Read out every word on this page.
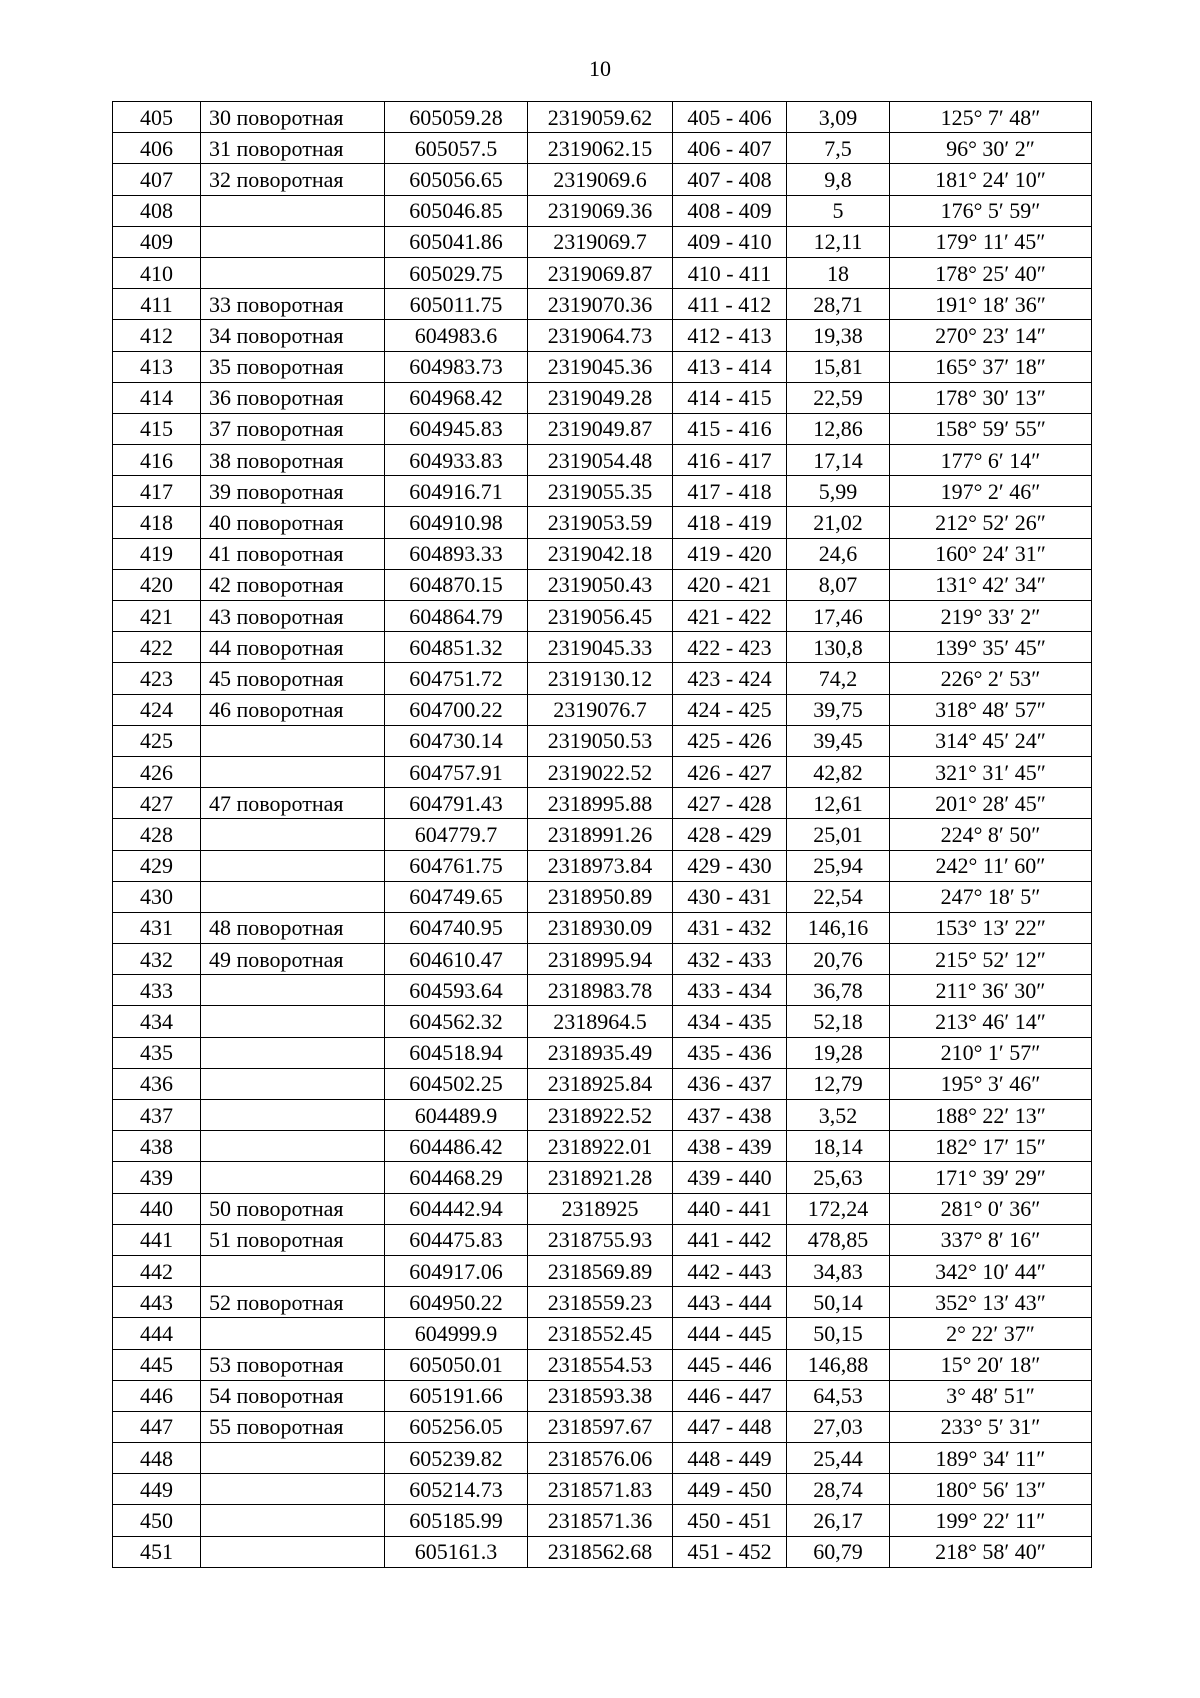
10
405	30 поворотная	605059.28	2319059.62	405 - 406	3,09	125° 7′ 48″
406	31 поворотная	605057.5	2319062.15	406 - 407	7,5	96° 30′ 2″
407	32 поворотная	605056.65	2319069.6	407 - 408	9,8	181° 24′ 10″
408		605046.85	2319069.36	408 - 409	5	176° 5′ 59″
409		605041.86	2319069.7	409 - 410	12,11	179° 11′ 45″
410		605029.75	2319069.87	410 - 411	18	178° 25′ 40″
411	33 поворотная	605011.75	2319070.36	411 - 412	28,71	191° 18′ 36″
412	34 поворотная	604983.6	2319064.73	412 - 413	19,38	270° 23′ 14″
413	35 поворотная	604983.73	2319045.36	413 - 414	15,81	165° 37′ 18″
414	36 поворотная	604968.42	2319049.28	414 - 415	22,59	178° 30′ 13″
415	37 поворотная	604945.83	2319049.87	415 - 416	12,86	158° 59′ 55″
416	38 поворотная	604933.83	2319054.48	416 - 417	17,14	177° 6′ 14″
417	39 поворотная	604916.71	2319055.35	417 - 418	5,99	197° 2′ 46″
418	40 поворотная	604910.98	2319053.59	418 - 419	21,02	212° 52′ 26″
419	41 поворотная	604893.33	2319042.18	419 - 420	24,6	160° 24′ 31″
420	42 поворотная	604870.15	2319050.43	420 - 421	8,07	131° 42′ 34″
421	43 поворотная	604864.79	2319056.45	421 - 422	17,46	219° 33′ 2″
422	44 поворотная	604851.32	2319045.33	422 - 423	130,8	139° 35′ 45″
423	45 поворотная	604751.72	2319130.12	423 - 424	74,2	226° 2′ 53″
424	46 поворотная	604700.22	2319076.7	424 - 425	39,75	318° 48′ 57″
425		604730.14	2319050.53	425 - 426	39,45	314° 45′ 24″
426		604757.91	2319022.52	426 - 427	42,82	321° 31′ 45″
427	47 поворотная	604791.43	2318995.88	427 - 428	12,61	201° 28′ 45″
428		604779.7	2318991.26	428 - 429	25,01	224° 8′ 50″
429		604761.75	2318973.84	429 - 430	25,94	242° 11′ 60″
430		604749.65	2318950.89	430 - 431	22,54	247° 18′ 5″
431	48 поворотная	604740.95	2318930.09	431 - 432	146,16	153° 13′ 22″
432	49 поворотная	604610.47	2318995.94	432 - 433	20,76	215° 52′ 12″
433		604593.64	2318983.78	433 - 434	36,78	211° 36′ 30″
434		604562.32	2318964.5	434 - 435	52,18	213° 46′ 14″
435		604518.94	2318935.49	435 - 436	19,28	210° 1′ 57″
436		604502.25	2318925.84	436 - 437	12,79	195° 3′ 46″
437		604489.9	2318922.52	437 - 438	3,52	188° 22′ 13″
438		604486.42	2318922.01	438 - 439	18,14	182° 17′ 15″
439		604468.29	2318921.28	439 - 440	25,63	171° 39′ 29″
440	50 поворотная	604442.94	2318925	440 - 441	172,24	281° 0′ 36″
441	51 поворотная	604475.83	2318755.93	441 - 442	478,85	337° 8′ 16″
442		604917.06	2318569.89	442 - 443	34,83	342° 10′ 44″
443	52 поворотная	604950.22	2318559.23	443 - 444	50,14	352° 13′ 43″
444		604999.9	2318552.45	444 - 445	50,15	2° 22′ 37″
445	53 поворотная	605050.01	2318554.53	445 - 446	146,88	15° 20′ 18″
446	54 поворотная	605191.66	2318593.38	446 - 447	64,53	3° 48′ 51″
447	55 поворотная	605256.05	2318597.67	447 - 448	27,03	233° 5′ 31″
448		605239.82	2318576.06	448 - 449	25,44	189° 34′ 11″
449		605214.73	2318571.83	449 - 450	28,74	180° 56′ 13″
450		605185.99	2318571.36	450 - 451	26,17	199° 22′ 11″
451		605161.3	2318562.68	451 - 452	60,79	218° 58′ 40″
